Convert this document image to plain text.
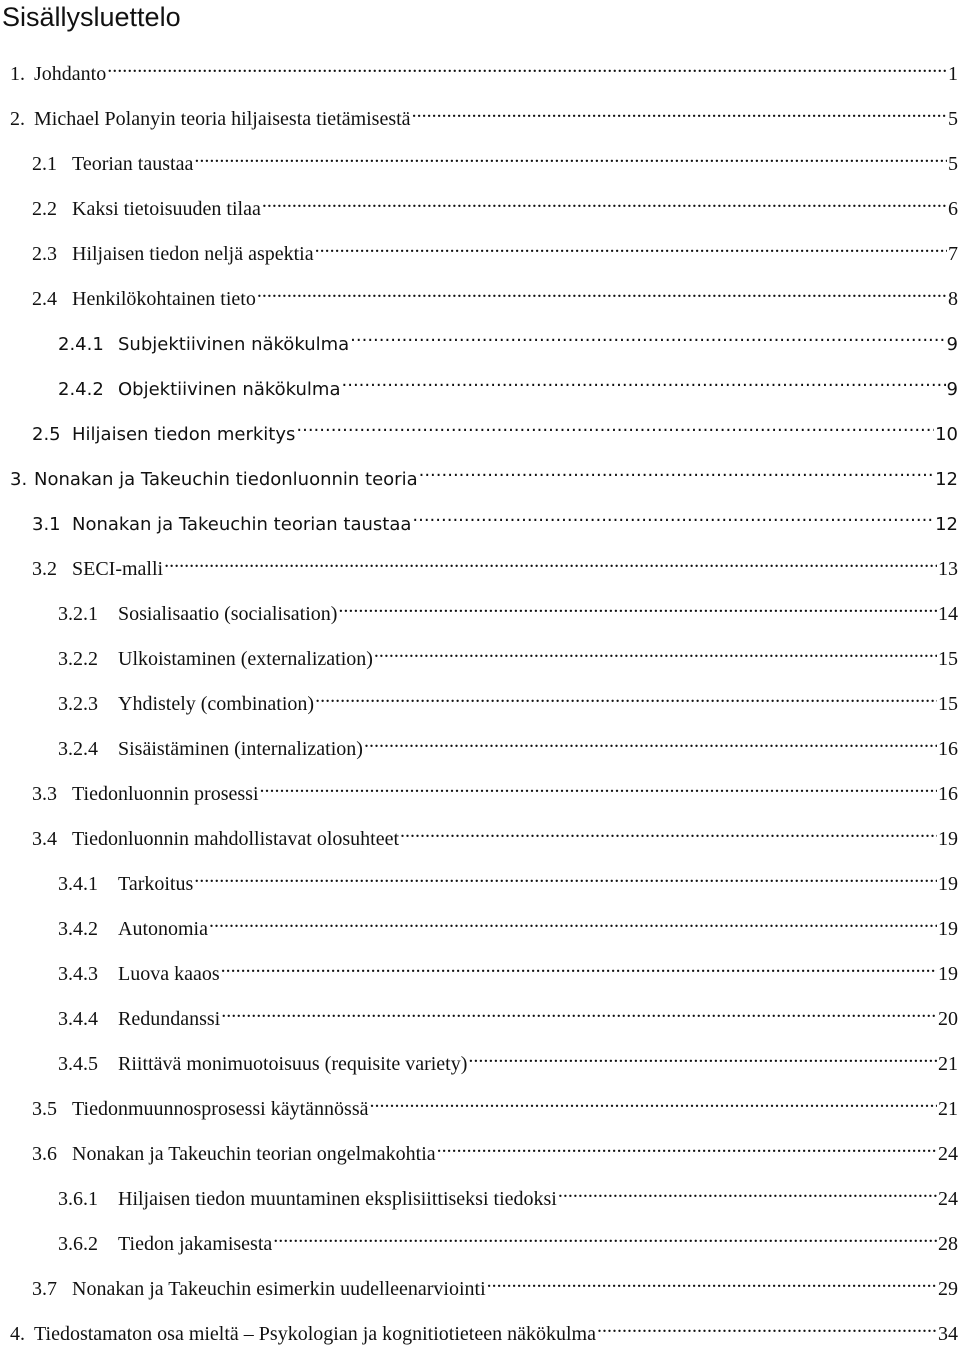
Sisällysluettelo
1. Johdanto .....	1
2. Michael Polanyin teoria hiljaisesta tietämisestä .....	5
2.1 Teorian taustaa .....	5
2.2 Kaksi tietoisuuden tilaa .....	6
2.3 Hiljaisen tiedon neljä aspektia .....	7
2.4 Henkilökohtainen tieto .....	8
2.4.1 Subjektiivinen näkökulma .....	9
2.4.2 Objektiivinen näkökulma .....	9
2.5 Hiljaisen tiedon merkitys .....	10
3. Nonakan ja Takeuchin tiedonluonnin teoria .....	12
3.1 Nonakan ja Takeuchin teorian taustaa .....	12
3.2 SECI-malli .....	13
3.2.1	Sosialisaatio (socialisation) .....	14
3.2.2	Ulkoistaminen (externalization) .....	15
3.2.3	Yhdistely (combination) .....	15
3.2.4	Sisäistäminen (internalization) .....	16
3.3 Tiedonluonnin prosessi .....	16
3.4 Tiedonluonnin mahdollistavat olosuhteet .....	19
3.4.1	Tarkoitus .....	19
3.4.2	Autonomia .....	19
3.4.3	Luova kaaos .....	19
3.4.4	Redundanssi .....	20
3.4.5	Riittävä monimuotoisuus (requisite variety) .....	21
3.5 Tiedonmuunnosprosessi käytännössä .....	21
3.6 Nonakan ja Takeuchin teorian ongelmakohtia .....	24
3.6.1	Hiljaisen tiedon muuntaminen eksplisiittiseksi tiedoksi .....	24
3.6.2	Tiedon jakamisesta .....	28
3.7 Nonakan ja Takeuchin esimerkin uudelleenarviointi .....	29
4. Tiedostamaton osa mieltä – Psykologian ja kognitiotieteen näkökulma .....	34
